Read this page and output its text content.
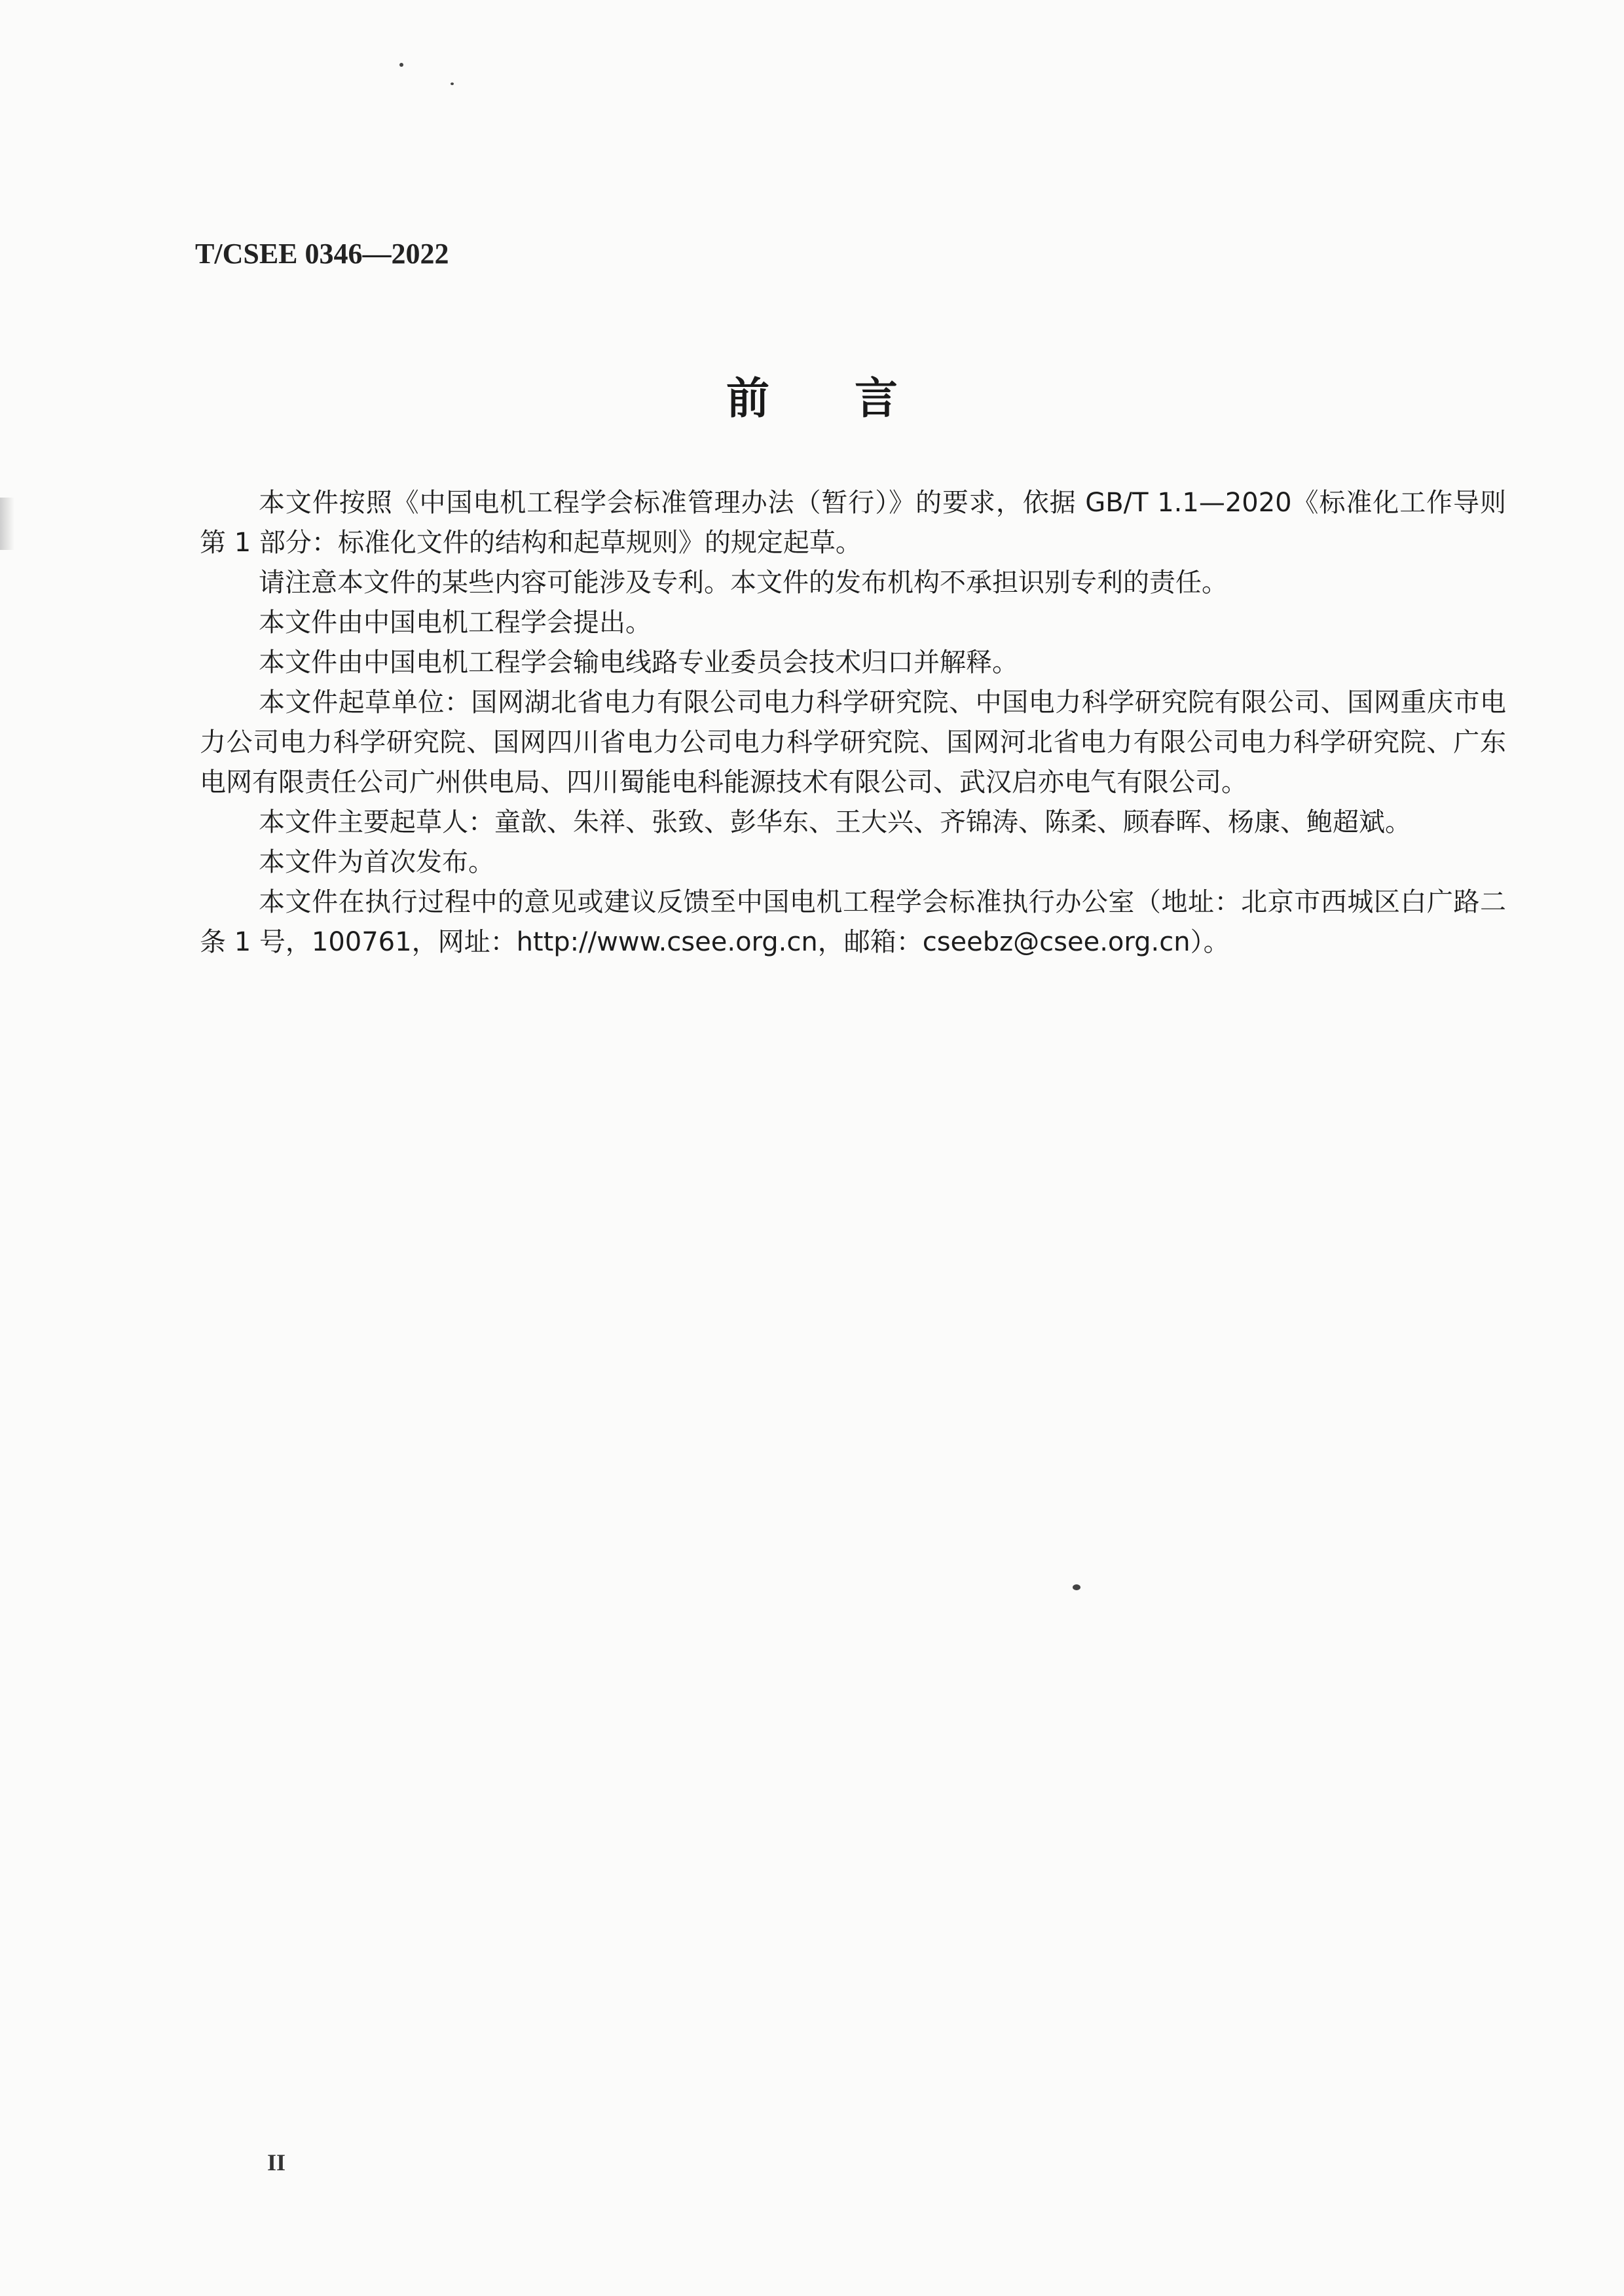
T/CSEE 0346—2022
前言

本文件按照《中国电机工程学会标准管理办法（暂行）》的要求，依据 GB/T 1.1—2020《标准化工作导则　第 1 部分：标准化文件的结构和起草规则》的规定起草。

请注意本文件的某些内容可能涉及专利。本文件的发布机构不承担识别专利的责任。

本文件由中国电机工程学会提出。

本文件由中国电机工程学会输电线路专业委员会技术归口并解释。

本文件起草单位：国网湖北省电力有限公司电力科学研究院、中国电力科学研究院有限公司、国网重庆市电力公司电力科学研究院、国网四川省电力公司电力科学研究院、国网河北省电力有限公司电力科学研究院、广东电网有限责任公司广州供电局、四川蜀能电科能源技术有限公司、武汉启亦电气有限公司。

本文件主要起草人：童歆、朱祥、张致、彭华东、王大兴、齐锦涛、陈柔、顾春晖、杨康、鲍超斌。

本文件为首次发布。

本文件在执行过程中的意见或建议反馈至中国电机工程学会标准执行办公室（地址：北京市西城区白广路二条 1 号，100761，网址：http://www.csee.org.cn，邮箱：cseebz@csee.org.cn）。

II
